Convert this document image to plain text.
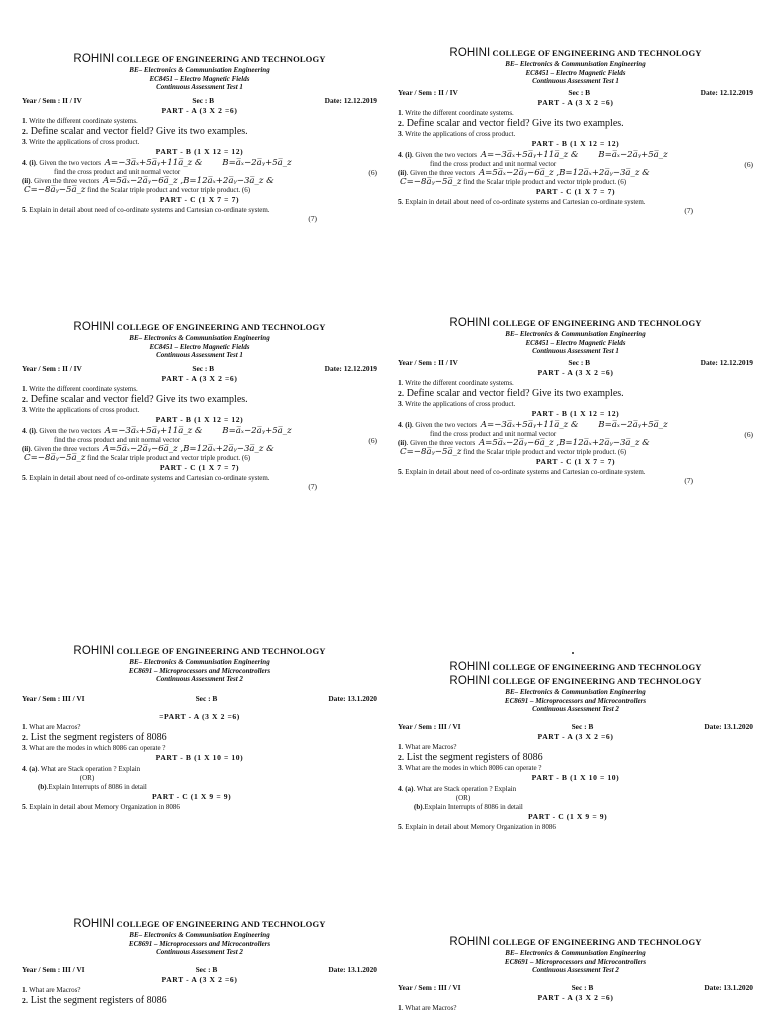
ROHINI COLLEGE OF ENGINEERING AND TECHNOLOGY
BE– Electronics & Communisation Engineering
EC8451 – Electro Magnetic Fields
Continuous Assessment Test 1
Year / Sem : II / IV	Sec : B	Date: 12.12.2019
PART - A (3 X 2 =6)
1. Write the different coordinate systems.
2. Define scalar and vector field? Give its two examples.
3. Write the applications of cross product.
PART - B (1 X 12 = 12)
4. (i). Given the two vectors A=−3a̅ₓ+5a̅ᵧ+11a̅_z & B=a̅ₓ−2a̅ᵧ+5a̅_z
find the cross product and unit normal vector	(6)
(ii). Given the three vectors A=5a̅ₓ−2a̅ᵧ−6a̅_z ,B=12a̅ₓ+2a̅ᵧ−3a̅_z &
C=−8a̅ᵧ−5a̅_z find the Scalar triple product and vector triple product. (6)
PART - C (1 X 7 = 7)
5. Explain in detail about need of co-ordinate systems and Cartesian co-ordinate system.
(7)
ROHINI COLLEGE OF ENGINEERING AND TECHNOLOGY
BE– Electronics & Communisation Engineering
EC8451 – Electro Magnetic Fields
Continuous Assessment Test 1
Year / Sem : II / IV	Sec : B	Date: 12.12.2019
PART - A (3 X 2 =6)
1. Write the different coordinate systems.
2. Define scalar and vector field? Give its two examples.
3. Write the applications of cross product.
PART - B (1 X 12 = 12)
4. (i). Given the two vectors A=−3a̅ₓ+5a̅ᵧ+11a̅_z & B=a̅ₓ−2a̅ᵧ+5a̅_z
find the cross product and unit normal vector	(6)
(ii). Given the three vectors A=5a̅ₓ−2a̅ᵧ−6a̅_z ,B=12a̅ₓ+2a̅ᵧ−3a̅_z &
C=−8a̅ᵧ−5a̅_z find the Scalar triple product and vector triple product. (6)
PART - C (1 X 7 = 7)
5. Explain in detail about need of co-ordinate systems and Cartesian co-ordinate system.
(7)
ROHINI COLLEGE OF ENGINEERING AND TECHNOLOGY
BE– Electronics & Communisation Engineering
EC8451 – Electro Magnetic Fields
Continuous Assessment Test 1
Year / Sem : II / IV	Sec : B	Date: 12.12.2019
PART - A (3 X 2 =6)
1. Write the different coordinate systems.
2. Define scalar and vector field? Give its two examples.
3. Write the applications of cross product.
PART - B (1 X 12 = 12)
4. (i). Given the two vectors A=−3a̅ₓ+5a̅ᵧ+11a̅_z & B=a̅ₓ−2a̅ᵧ+5a̅_z
find the cross product and unit normal vector	(6)
(ii). Given the three vectors A=5a̅ₓ−2a̅ᵧ−6a̅_z ,B=12a̅ₓ+2a̅ᵧ−3a̅_z &
C=−8a̅ᵧ−5a̅_z find the Scalar triple product and vector triple product. (6)
PART - C (1 X 7 = 7)
5. Explain in detail about need of co-ordinate systems and Cartesian co-ordinate system.
(7)
ROHINI COLLEGE OF ENGINEERING AND TECHNOLOGY
BE– Electronics & Communisation Engineering
EC8451 – Electro Magnetic Fields
Continuous Assessment Test 1
Year / Sem : II / IV	Sec : B	Date: 12.12.2019
PART - A (3 X 2 =6)
1. Write the different coordinate systems.
2. Define scalar and vector field? Give its two examples.
3. Write the applications of cross product.
PART - B (1 X 12 = 12)
4. (i). Given the two vectors A=−3a̅ₓ+5a̅ᵧ+11a̅_z & B=a̅ₓ−2a̅ᵧ+5a̅_z
find the cross product and unit normal vector	(6)
(ii). Given the three vectors A=5a̅ₓ−2a̅ᵧ−6a̅_z ,B=12a̅ₓ+2a̅ᵧ−3a̅_z &
C=−8a̅ᵧ−5a̅_z find the Scalar triple product and vector triple product. (6)
PART - C (1 X 7 = 7)
5. Explain in detail about need of co-ordinate systems and Cartesian co-ordinate system.
(7)
ROHINI COLLEGE OF ENGINEERING AND TECHNOLOGY
BE– Electronics & Communisation Engineering
EC8691 – Microprocessors and Microcontrollers
Continuous Assessment Test 2
Year / Sem : III / VI	Sec : B	Date: 13.1.2020
=PART - A (3 X 2 =6)
1. What are Macros?
2. List the segment registers of 8086
3. What are the modes in which 8086 can operate ?
PART - B (1 X 10 = 10)
4. (a). What are Stack operation ? Explain
(OR)
(b).Explain Interrupts of 8086 in detail
PART - C (1 X 9 = 9)
5. Explain in detail about Memory Organization in 8086
ROHINI COLLEGE OF ENGINEERING AND TECHNOLOGY
ROHINI COLLEGE OF ENGINEERING AND TECHNOLOGY
BE– Electronics & Communisation Engineering
EC8691 – Microprocessors and Microcontrollers
Continuous Assessment Test 2
Year / Sem : III / VI	Sec : B	Date: 13.1.2020
PART - A (3 X 2 =6)
1. What are Macros?
2. List the segment registers of 8086
3. What are the modes in which 8086 can operate ?
PART - B (1 X 10 = 10)
4. (a). What are Stack operation ? Explain
(OR)
(b).Explain Interrupts of 8086 in detail
PART - C (1 X 9 = 9)
5. Explain in detail about Memory Organization in 8086
ROHINI COLLEGE OF ENGINEERING AND TECHNOLOGY
BE– Electronics & Communisation Engineering
EC8691 – Microprocessors and Microcontrollers
Continuous Assessment Test 2
Year / Sem : III / VI	Sec : B	Date: 13.1.2020
PART - A (3 X 2 =6)
1. What are Macros?
2. List the segment registers of 8086
ROHINI COLLEGE OF ENGINEERING AND TECHNOLOGY
BE– Electronics & Communisation Engineering
EC8691 – Microprocessors and Microcontrollers
Continuous Assessment Test 2
Year / Sem : III / VI	Sec : B	Date: 13.1.2020
PART - A (3 X 2 =6)
1. What are Macros?
